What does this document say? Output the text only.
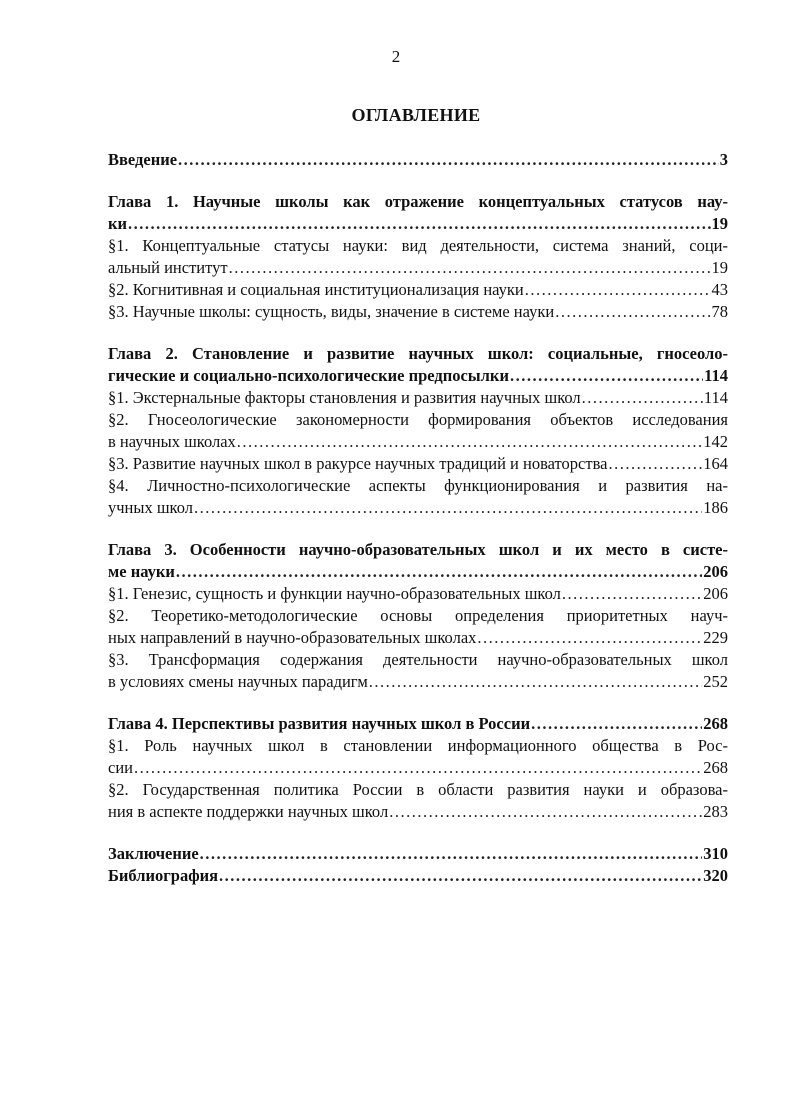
2
ОГЛАВЛЕНИЕ
Введение .....	3
Глава 1. Научные школы как отражение концептуальных статусов нау-
ки .....	19
§1. Концептуальные статусы науки: вид деятельности, система знаний, соци-
альный институт .....	19
§2. Когнитивная и социальная институционализация науки .....	43
§3. Научные школы: сущность, виды, значение в системе науки .....	78
Глава 2. Становление и развитие научных школ: социальные, гносеоло-
гические и социально-психологические предпосылки .....	114
§1. Экстернальные факторы становления и развития научных школ .....	114
§2. Гносеологические закономерности формирования объектов исследования
в научных школах .....	142
§3. Развитие научных школ в ракурсе научных традиций и новаторства .....	164
§4. Личностно-психологические аспекты функционирования и развития на-
учных школ .....	186
Глава 3. Особенности научно-образовательных школ и их место в систе-
ме науки .....	206
§1. Генезис, сущность и функции научно-образовательных школ .....	206
§2. Теоретико-методологические основы определения приоритетных науч-
ных направлений в научно-образовательных школах .....	229
§3. Трансформация содержания деятельности научно-образовательных школ
в условиях смены научных парадигм .....	252
Глава 4. Перспективы развития научных школ в России .....	268
§1. Роль научных школ в становлении информационного общества в Рос-
сии .....	268
§2. Государственная политика России в области развития науки и образова-
ния в аспекте поддержки научных школ .....	283
Заключение .....	310
Библиография .....	320
